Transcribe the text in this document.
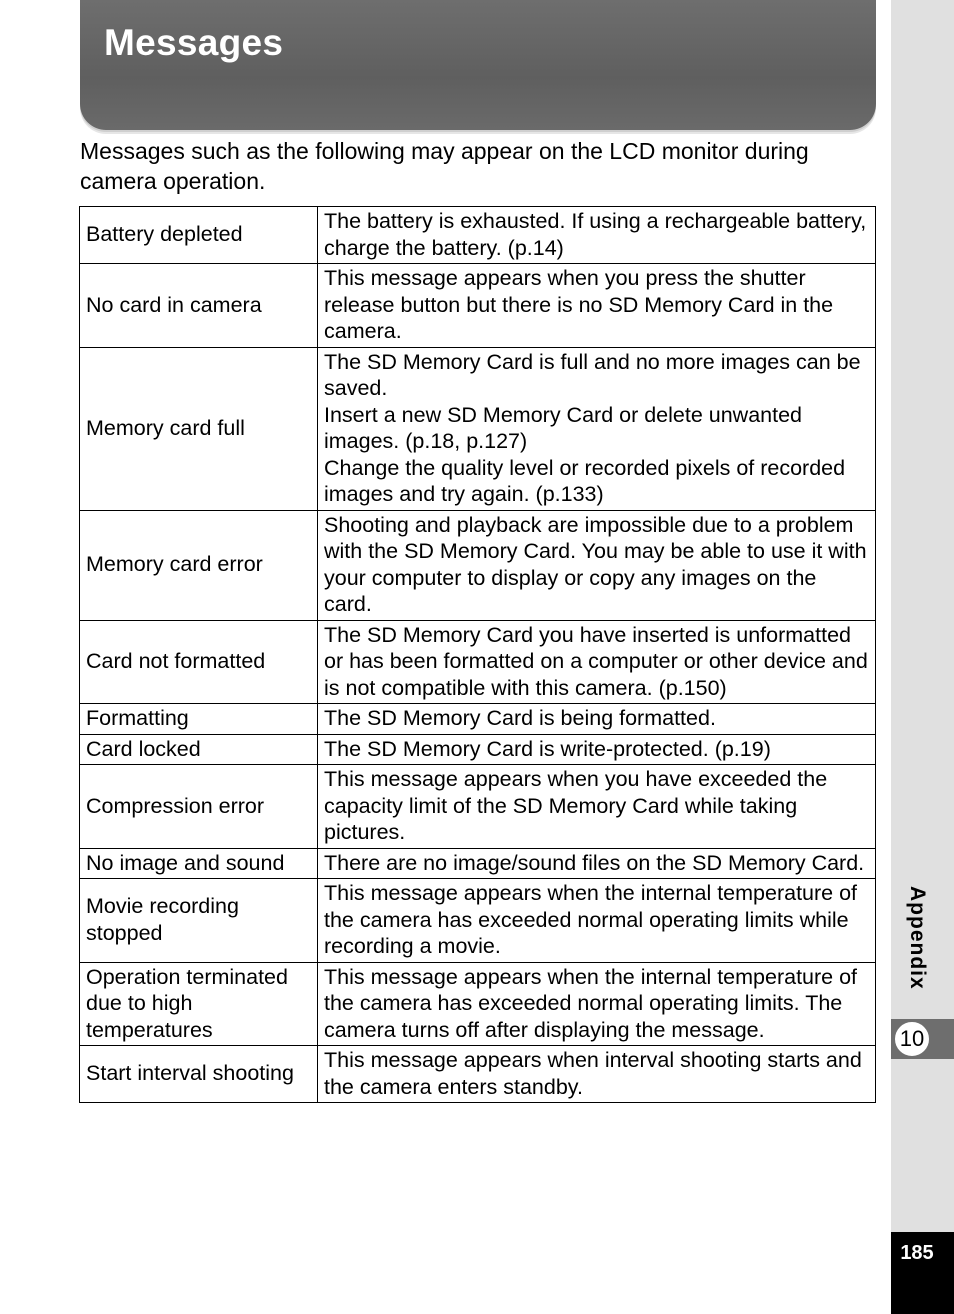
Messages

Messages such as the following may appear on the LCD monitor during camera operation.

Battery depleted	The battery is exhausted. If using a rechargeable battery, charge the battery. (p.14)

No card in camera	This message appears when you press the shutter release button but there is no SD Memory Card in the camera.

Memory card full	The SD Memory Card is full and no more images can be saved.
Insert a new SD Memory Card or delete unwanted images. (p.18, p.127)
Change the quality level or recorded pixels of recorded images and try again. (p.133)

Memory card error	Shooting and playback are impossible due to a problem with the SD Memory Card. You may be able to use it with your computer to display or copy any images on the card.

Card not formatted	The SD Memory Card you have inserted is unformatted or has been formatted on a computer or other device and is not compatible with this camera. (p.150)

Formatting	The SD Memory Card is being formatted.

Card locked	The SD Memory Card is write-protected. (p.19)

Compression error	This message appears when you have exceeded the capacity limit of the SD Memory Card while taking pictures.

No image and sound	There are no image/sound files on the SD Memory Card.

Movie recording stopped	This message appears when the internal temperature of the camera has exceeded normal operating limits while recording a movie.

Operation terminated due to high temperatures	This message appears when the internal temperature of the camera has exceeded normal operating limits. The camera turns off after displaying the message.

Start interval shooting	This message appears when interval shooting starts and the camera enters standby.
Appendix
10
185
